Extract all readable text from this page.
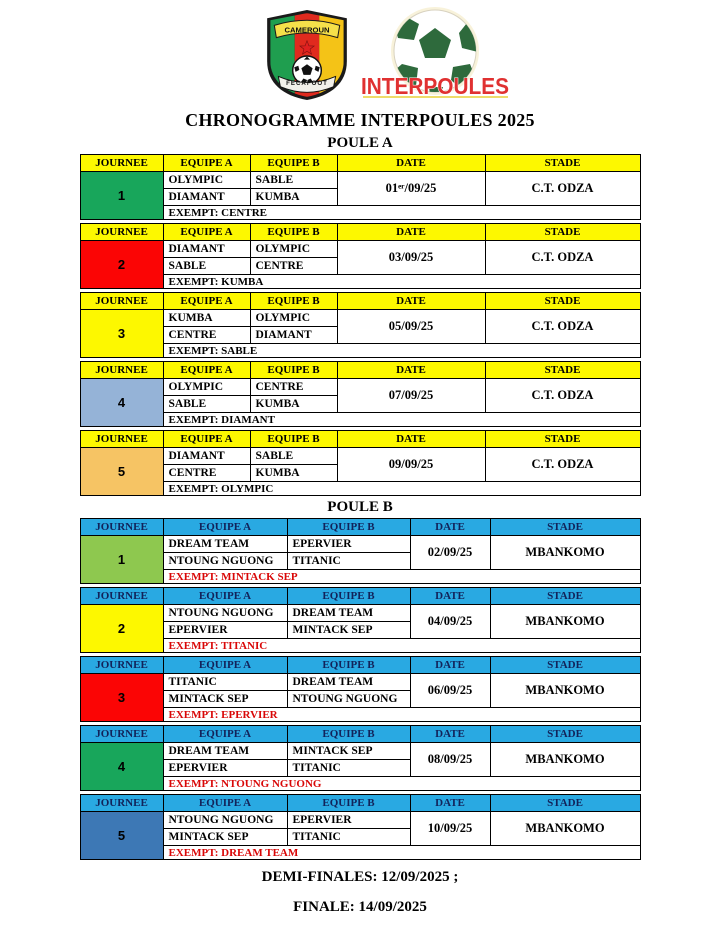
CAMEROUN
FECAFOOT INTERPOULES
CHRONOGRAMME INTERPOULES 2025
POULE A
JOURNEE	EQUIPE A	EQUIPE B	DATE	STADE
1	OLYMPIC	SABLE	01ᵉʳ/09/25	C.T. ODZA
	DIAMANT	KUMBA		
	EXEMPT: CENTRE			
JOURNEE	EQUIPE A	EQUIPE B	DATE	STADE
2	DIAMANT	OLYMPIC	03/09/25	C.T. ODZA
	SABLE	CENTRE		
	EXEMPT: KUMBA			
JOURNEE	EQUIPE A	EQUIPE B	DATE	STADE
3	KUMBA	OLYMPIC	05/09/25	C.T. ODZA
	CENTRE	DIAMANT		
	EXEMPT: SABLE			
JOURNEE	EQUIPE A	EQUIPE B	DATE	STADE
4	OLYMPIC	CENTRE	07/09/25	C.T. ODZA
	SABLE	KUMBA		
	EXEMPT: DIAMANT			
JOURNEE	EQUIPE A	EQUIPE B	DATE	STADE
5	DIAMANT	SABLE	09/09/25	C.T. ODZA
	CENTRE	KUMBA		
	EXEMPT: OLYMPIC			
POULE B
JOURNEE	EQUIPE A	EQUIPE B	DATE	STADE
1	DREAM TEAM	EPERVIER	02/09/25	MBANKOMO
	NTOUNG NGUONG	TITANIC		
	EXEMPT: MINTACK SEP			
JOURNEE	EQUIPE A	EQUIPE B	DATE	STADE
2	NTOUNG NGUONG	DREAM TEAM	04/09/25	MBANKOMO
	EPERVIER	MINTACK SEP		
	EXEMPT: TITANIC			
JOURNEE	EQUIPE A	EQUIPE B	DATE	STADE
3	TITANIC	DREAM TEAM	06/09/25	MBANKOMO
	MINTACK SEP	NTOUNG NGUONG		
	EXEMPT: EPERVIER			
JOURNEE	EQUIPE A	EQUIPE B	DATE	STADE
4	DREAM TEAM	MINTACK SEP	08/09/25	MBANKOMO
	EPERVIER	TITANIC		
	EXEMPT: NTOUNG NGUONG			
JOURNEE	EQUIPE A	EQUIPE B	DATE	STADE
5	NTOUNG NGUONG	EPERVIER	10/09/25	MBANKOMO
	MINTACK SEP	TITANIC		
	EXEMPT: DREAM TEAM			

DEMI-FINALES: 12/09/2025 ;

FINALE: 14/09/2025
